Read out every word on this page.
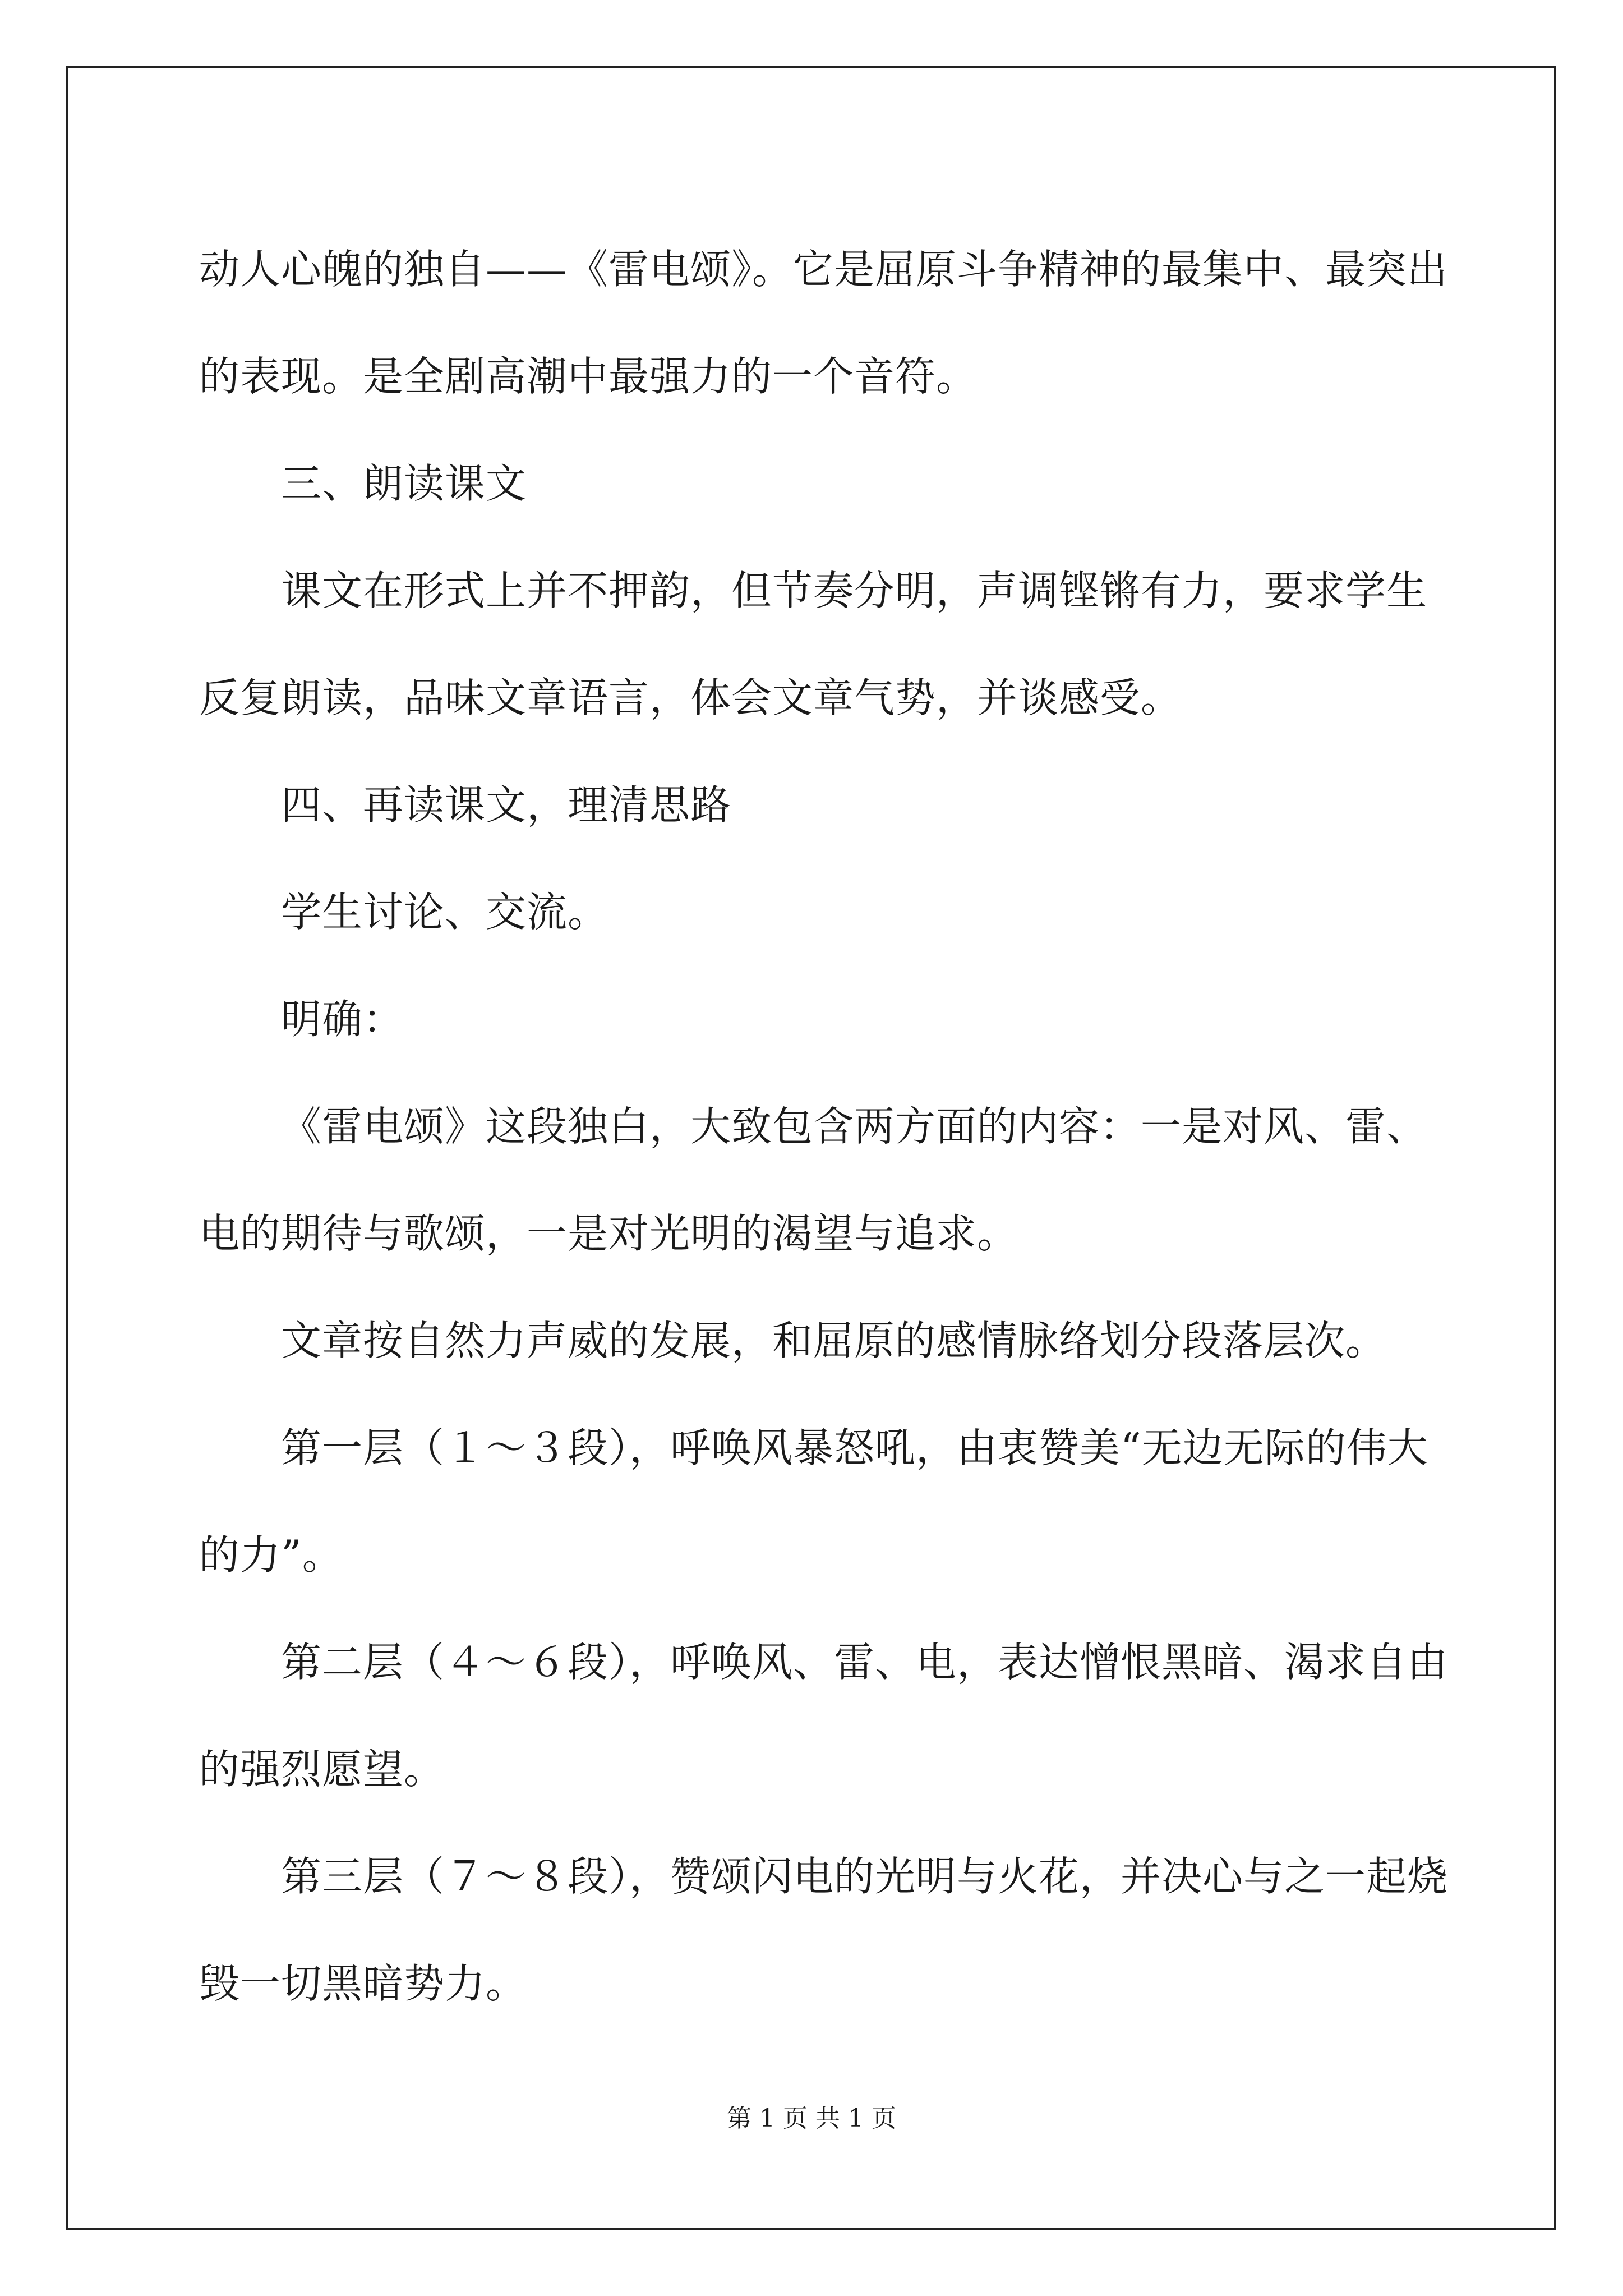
动人心魄的独自——《雷电颂》。它是屈原斗争精神的最集中、最突出

的表现。是全剧高潮中最强力的一个音符。

三、朗读课文

课文在形式上并不押韵，但节奏分明，声调铿锵有力，要求学生

反复朗读，品味文章语言，体会文章气势，并谈感受。

四、再读课文，理清思路

学生讨论、交流。

明确：

《雷电颂》这段独白，大致包含两方面的内容：一是对风、雷、

电的期待与歌颂，一是对光明的渴望与追求。

文章按自然力声威的发展，和屈原的感情脉络划分段落层次。

第一层（１～３段），呼唤风暴怒吼，由衷赞美“无边无际的伟大

的力”。

第二层（４～６段），呼唤风、雷、电，表达憎恨黑暗、渴求自由

的强烈愿望。

第三层（７～８段），赞颂闪电的光明与火花，并决心与之一起烧

毁一切黑暗势力。

第 1 页 共 1 页
